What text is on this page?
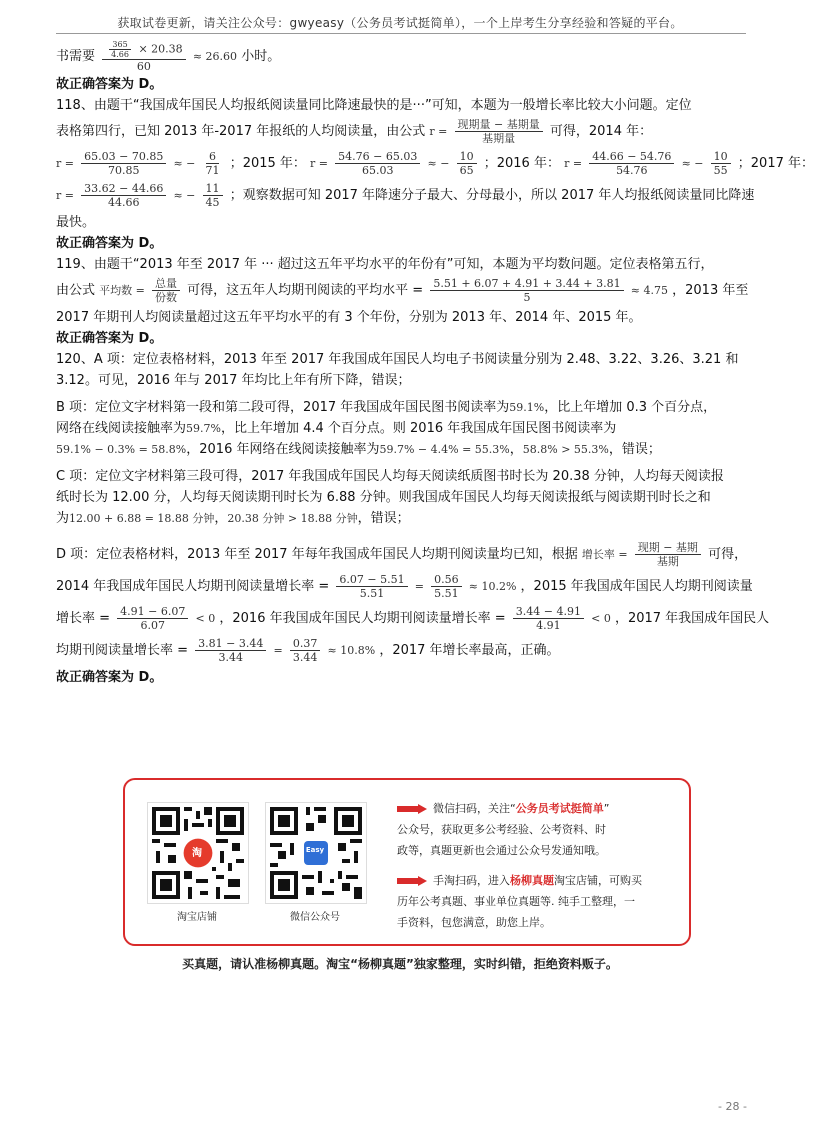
获取试卷更新，请关注公众号：gwyeasy（公务员考试挺简单），一个上岸考生分享经验和答疑的平台。
书需要 $\frac{\frac{365}{4.66} \times 20.38}{60} \approx 26.60$ 小时。
故正确答案为 D。
118、由题干“我国成年国民人均报纸阅读量同比降速最快的是···”可知，本题为一般增长率比较大小问题。定位
表格第四行，已知 2013 年-2017 年报纸的人均阅读量，由公式 $r = \frac{\text{现期量 − 基期量}}{\text{基期量}}$ 可得，2014 年：
$r = \frac{65.03 - 70.85}{70.85}$ ≈ − $\frac{6}{71}$ ；2015 年： $r = \frac{54.76 - 65.03}{65.03}$ ≈ − $\frac{10}{65}$ ；2016 年： $r = \frac{44.66 - 54.76}{54.76}$ ≈ − $\frac{10}{55}$ ；2017 年：
$r = \frac{33.62 - 44.66}{44.66}$ ≈ − $\frac{11}{45}$ ；观察数据可知 2017 年降速分子最大、分母最小，所以 2017 年人均报纸阅读量同比降速
最快。
故正确答案为 D。
119、由题干“2013 年至 2017 年 ··· 超过这五年平均水平的年份有”可知，本题为平均数问题。定位表格第五行，
由公式 平均数 = $\frac{\text{总量}}{\text{份数}}$ 可得，这五年人均期刊阅读的平均水平 = $\frac{5.51 + 6.07 + 4.91 + 3.44 + 3.81}{5} \approx 4.75$ ，2013 年至
2017 年期刊人均阅读量超过这五年平均水平的有 3 个年份，分别为 2013 年、2014 年、2015 年。
故正确答案为 D。
120、A 项：定位表格材料，2013 年至 2017 年我国成年国民人均电子书阅读量分别为 2.48、3.22、3.26、3.21 和
3.12。可见，2016 年与 2017 年均比上年有所下降，错误；
B 项：定位文字材料第一段和第二段可得，2017 年我国成年国民图书阅读率为59.1%，比上年增加 0.3 个百分点，
网络在线阅读接触率为59.7%，比上年增加 4.4 个百分点。则 2016 年我国成年国民图书阅读率为
59.1% − 0.3% = 58.8%，2016 年网络在线阅读接触率为59.7% − 4.4% = 55.3%，58.8% > 55.3%，错误；
C 项：定位文字材料第三段可得，2017 年我国成年国民人均每天阅读纸质图书时长为 20.38 分钟，人均每天阅读报
纸时长为 12.00 分，人均每天阅读期刊时长为 6.88 分钟。则我国成年国民人均每天阅读报纸与阅读期刊时长之和
为12.00 + 6.88 = 18.88 分钟，20.38 分钟 > 18.88 分钟，错误；
D 项：定位表格材料，2013 年至 2017 年每年我国成年国民人均期刊阅读量均已知，根据 增长率 = $\frac{\text{现期 − 基期}}{\text{基期}}$ 可得，
2014 年我国成年国民人均期刊阅读量增长率 = $\frac{6.07 - 5.51}{5.51} = \frac{0.56}{5.51} \approx 10.2\%$ ，2015 年我国成年国民人均期刊阅读量
增长率 = $\frac{4.91 - 6.07}{6.07} < 0$ ，2016 年我国成年国民人均期刊阅读量增长率 = $\frac{3.44 - 4.91}{4.91} < 0$ ，2017 年我国成年国民人
均期刊阅读量增长率 = $\frac{3.81 - 3.44}{3.44} = \frac{0.37}{3.44} \approx 10.8\%$ ，2017 年增长率最高，正确。
故正确答案为 D。
淘
淘宝店铺
Easy
微信公众号
微信扫码，关注“公务员考试挺简单”
公众号，获取更多公考经验、公考资料、时
政等，真题更新也会通过公众号发通知哦。
手淘扫码，进入杨柳真题淘宝店铺，可购买
历年公考真题、事业单位真题等. 纯手工整理，一
手资料，包您满意，助您上岸。
买真题，请认准杨柳真题。淘宝“杨柳真题”独家整理，实时纠错，拒绝资料贩子。
- 28 -
